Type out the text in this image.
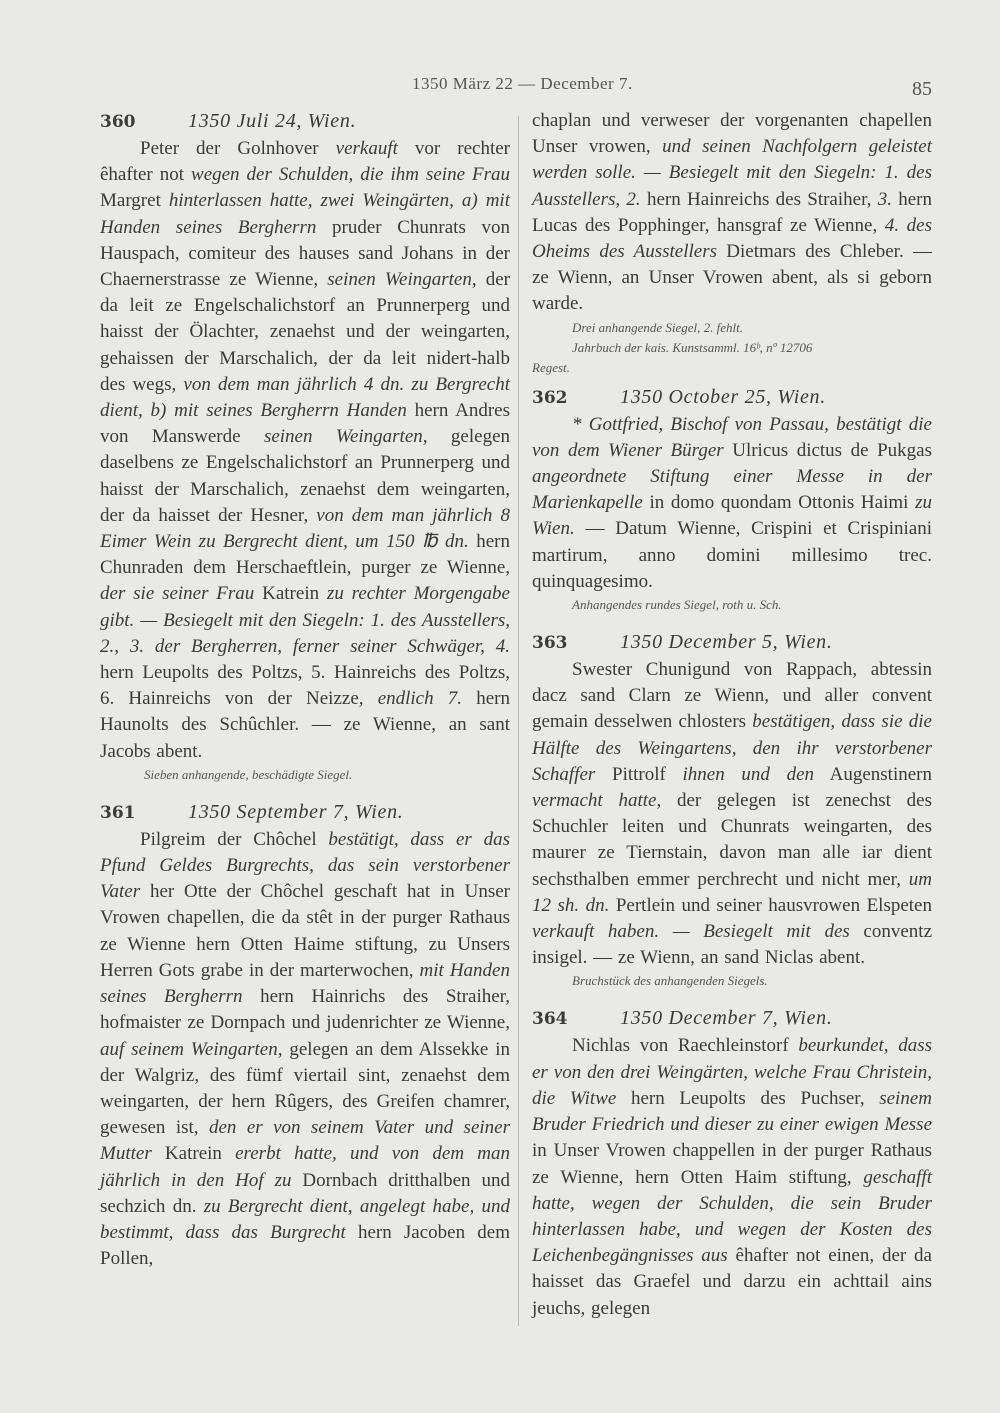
1350 März 22 — December 7.	85
360	1350 Juli 24, Wien.

Peter der Golnhover verkauft vor rechter êhafter not wegen der Schulden, die ihm seine Frau Margret hinterlassen hatte, zwei Weingärten, a) mit Handen seines Bergherrn pruder Chunrats von Hauspach, comiteur des hauses sand Johans in der Chaernerstrasse ze Wienne, seinen Weingarten, der da leit ze Engelschalichstorf an Prunnerperg und haisst der Ölachter, zenaehst und der weingarten, gehaissen der Marschalich, der da leit nidert-halb des wegs, von dem man jährlich 4 dn. zu Bergrecht dient, b) mit seines Bergherrn Handen hern Andres von Manswerde seinen Weingarten, gelegen daselbens ze Engelschalichstorf an Prunnerperg und haisst der Marschalich, zenaehst dem weingarten, der da haisset der Hesner, von dem man jährlich 8 Eimer Wein zu Bergrecht dient, um 150 ℔ dn. hern Chunraden dem Herschaeftlein, purger ze Wienne, der sie seiner Frau Katrein zu rechter Morgengabe gibt. — Besiegelt mit den Siegeln: 1. des Ausstellers, 2., 3. der Bergherren, ferner seiner Schwäger, 4. hern Leupolts des Poltzs, 5. Hainreichs des Poltzs, 6. Hainreichs von der Neizze, endlich 7. hern Haunolts des Schûchler. — ze Wienne, an sant Jacobs abent.

Sieben anhangende, beschädigte Siegel.

361	1350 September 7, Wien.

Pilgreim der Chôchel bestätigt, dass er das Pfund Geldes Burgrechts, das sein verstorbener Vater her Otte der Chôchel geschaft hat in Unser Vrowen chapellen, die da stêt in der purger Rathaus ze Wienne hern Otten Haime stiftung, zu Unsers Herren Gots grabe in der marterwochen, mit Handen seines Bergherrn hern Hainrichs des Straiher, hofmaister ze Dornpach und judenrichter ze Wienne, auf seinem Weingarten, gelegen an dem Alssekke in der Walgriz, des fümf viertail sint, zenaehst dem weingarten, der hern Rûgers, des Greifen chamrer, gewesen ist, den er von seinem Vater und seiner Mutter Katrein ererbt hatte, und von dem man jährlich in den Hof zu Dornbach dritthalben und sechzich dn. zu Bergrecht dient, angelegt habe, und bestimmt, dass das Burgrecht hern Jacoben dem Pollen,

chaplan und verweser der vorgenanten chapellen Unser vrowen, und seinen Nachfolgern geleistet werden solle. — Besiegelt mit den Siegeln: 1. des Ausstellers, 2. hern Hainreichs des Straiher, 3. hern Lucas des Popphinger, hansgraf ze Wienne, 4. des Oheims des Ausstellers Dietmars des Chleber. — ze Wienn, an Unser Vrowen abent, als si geborn warde.

Drei anhangende Siegel, 2. fehlt.

Jahrbuch der kais. Kunstsamml. 16ᵇ, nº 12706

Regest.

362	1350 October 25, Wien.

* Gottfried, Bischof von Passau, bestätigt die von dem Wiener Bürger Ulricus dictus de Pukgas angeordnete Stiftung einer Messe in der Marienkapelle in domo quondam Ottonis Haimi zu Wien. — Datum Wienne, Crispini et Crispiniani martirum, anno domini millesimo trec. quinquagesimo.

Anhangendes rundes Siegel, roth u. Sch.

363	1350 December 5, Wien.

Swester Chunigund von Rappach, abtessin dacz sand Clarn ze Wienn, und aller convent gemain desselwen chlosters bestätigen, dass sie die Hälfte des Weingartens, den ihr verstorbener Schaffer Pittrolf ihnen und den Augenstinern vermacht hatte, der gelegen ist zenechst des Schuchler leiten und Chunrats weingarten, des maurer ze Tiernstain, davon man alle iar dient sechsthalben emmer perchrecht und nicht mer, um 12 sh. dn. Pertlein und seiner hausvrowen Elspeten verkauft haben. — Besiegelt mit des conventz insigel. — ze Wienn, an sand Niclas abent.

Bruchstück des anhangenden Siegels.

364	1350 December 7, Wien.

Nichlas von Raechleinstorf beurkundet, dass er von den drei Weingärten, welche Frau Christein, die Witwe hern Leupolts des Puchser, seinem Bruder Friedrich und dieser zu einer ewigen Messe in Unser Vrowen chappellen in der purger Rathaus ze Wienne, hern Otten Haim stiftung, geschafft hatte, wegen der Schulden, die sein Bruder hinterlassen habe, und wegen der Kosten des Leichenbegängnisses aus êhafter not einen, der da haisset das Graefel und darzu ein achttail ains jeuchs, gelegen
